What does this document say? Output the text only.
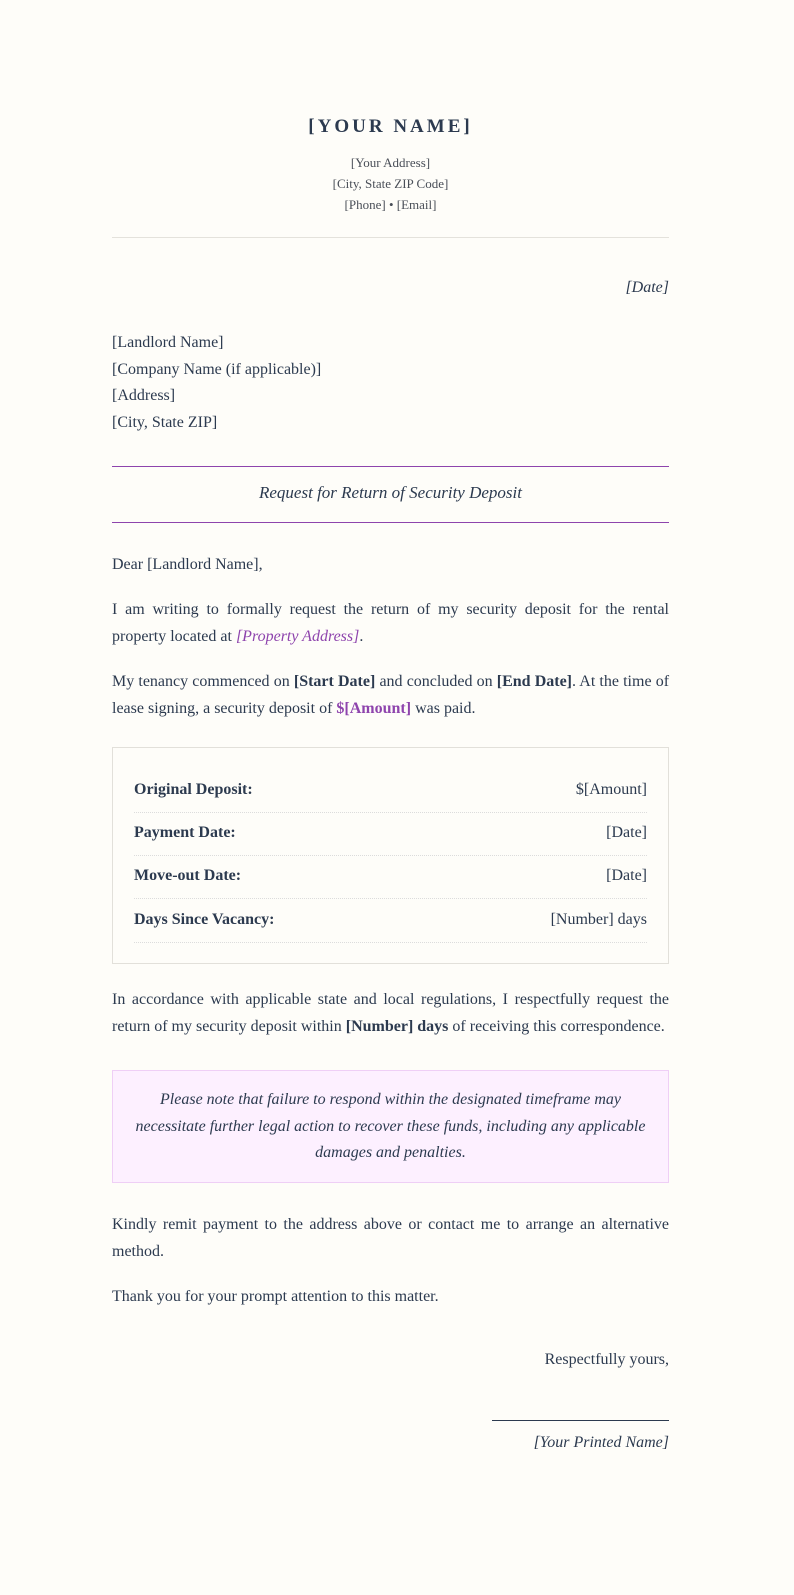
[YOUR NAME]
[Your Address]
[City, State ZIP Code]
[Phone] • [Email]
[Date]
[Landlord Name]
[Company Name (if applicable)]
[Address]
[City, State ZIP]
Request for Return of Security Deposit

Dear [Landlord Name],

I am writing to formally request the return of my security deposit for the rental property located at [Property Address].

My tenancy commenced on [Start Date] and concluded on [End Date]. At the time of lease signing, a security deposit of $[Amount] was paid.

Original Deposit:	$[Amount]
Payment Date:	[Date]
Move-out Date:	[Date]
Days Since Vacancy:	[Number] days

In accordance with applicable state and local regulations, I respectfully request the return of my security deposit within [Number] days of receiving this correspondence.

Please note that failure to respond within the designated timeframe may necessitate further legal action to recover these funds, including any applicable damages and penalties.

Kindly remit payment to the address above or contact me to arrange an alternative method.

Thank you for your prompt attention to this matter.

Respectfully yours,
[Your Printed Name]
